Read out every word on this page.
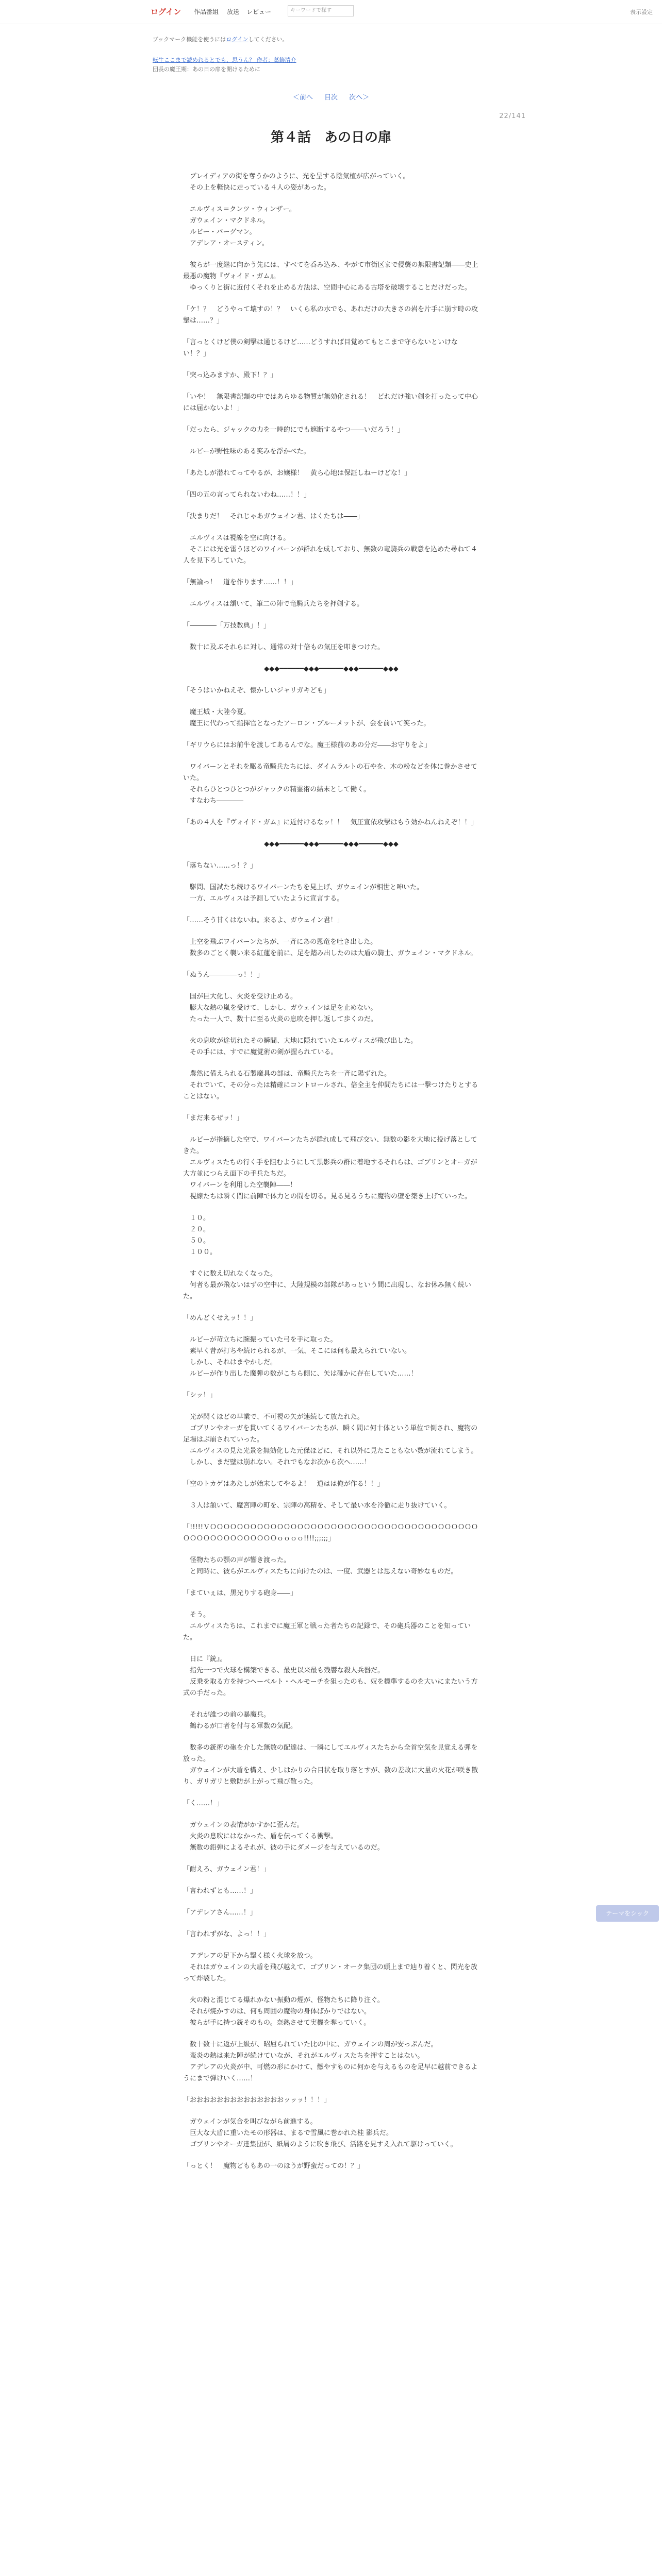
ログイン 作品番組 放送 レビュー	キーワードで探す	表示設定
ブックマーク機能を使うにはログインしてください。
転生ここまで読めれるとでも、思うん？ 作者：葛飾清介
団長の魔王期：あの日の扉を開けるために
＜前へ 目次 次へ＞
22/141
第４話　あの日の扉

　ブレイディアの街を奪うかのように、光を呈する陰気植が広がっていく。
　その上を軽快に走っている４人の姿があった。

　エルヴィス＝クンツ・ウィンザー。
　ガウェイン・マクドネル。
　ルビー・バーグマン。
　アデレア・オースティン。

　彼らが一度継に向かう先には、すべてを呑み込み、やがて市街区まで侵襲の無限書記類――史上最悪の魔物『ヴォイド・ガム』。
　ゆっくりと街に近付くそれを止める方法は、空間中心にある古塔を破壊することだけだった。

「ケ！？　どうやって壊すの！？　いくら私の水でも、あれだけの大きさの岩を片手に崩す時の攻撃は……？」

「言っとくけど僕の剣撃は通じるけど……どうすれば目覚めてもとこまで守らないといけない！？」

「突っ込みますか、殿下！？」

「いや！　無限書記類の中ではあらゆる物質が無効化される！　どれだけ強い剣を打ったって中心には届かないよ！」

「だったら、ジャックの力を一時的にでも遮断するやつ――いだろう！」

　ルビーが野性味のある笑みを浮かべた。

「あたしが潜れてってやるが、お嬢様！　黄ら心地は保証しねーけどな！」

「四の五の言ってられないわね……！！」

「決まりだ！　それじゃあガウェイン君、はくたちは――」

　エルヴィスは視線を空に向ける。
　そこには光を雷うほどのワイバーンが群れを成しており、無数の竜騎兵の戦意を込めた尋ねて４人を見下ろしていた。

「無論っ！　道を作ります……！！」

　エルヴィスは頷いて、筆二の陣で竜騎兵たちを押剣する。

「――――「万技教典」！」

　数十に及ぶそれらに対し、通常の対十倍もの気圧を叩きつけた。

◆◆◆━━━━━━◆◆◆━━━━━━◆◆◆━━━━━━◆◆◆

「そうはいかねえぞ、懐かしいジャリガキども」

　魔王城・大陸今夏。
　魔王に代わって指揮官となったアーロン・ブルーメットが、会を前いて笑った。

「ギリウらにはお前牛を渡してあるんでな。魔王様前のあの分だ――お守りをよ」

　ワイバーンとそれを駆る竜騎兵たちには、ダイムラルトの石やを、木の粉などを体に巻かさせていた。
　それらひとつひとつがジャックの精霊術の結末として働く。
　すなわち――――

「あの４人を『ヴォイド・ガム』に近付けるなッ！！　気圧宣依攻撃はもう効かねんねえぞ！！」

◆◆◆━━━━━━◆◆◆━━━━━━◆◆◆━━━━━━◆◆◆

「落ちない……っ！？」

　駆問、国試たち続けるワイバーンたちを見上げ、ガウェインが相世と呻いた。
　一方、エルヴィスは予測していたように宣言する。

「……そう甘くはないね。来るよ、ガウェイン君！」

　上空を飛ぶワイバーンたちが、一斉にあの恩竜を吐き出した。
　数多のごとく襲い来る紅蓮を前に、足を踏み出したのは大盾の騎士、ガウェイン・マクドネル。

「ぬうん――――っ！！」

　国が巨大化し、火炎を受け止める。
　膨大な熱の嵐を受けて、しかし、ガウェインは足を止めない。
　たった一人で、数十に至る火炎の息吹を押し返して歩くのだ。

　火の息吹が途切れたその瞬間、大地に隠れていたエルヴィスが飛び出した。
　その手には、すでに魔覚術の剣が握られている。

　農然に備えられる石製魔具の部は、竜騎兵たちを一斉に陽ずれた。
　それでいて、その分ったは精確にコントロールされ、倍全主を仲間たちには一撃つけたりとすることはない。

「まだ来るぜッ！」

　ルビーが指摘した空で、ワイバーンたちが群れ成して飛び交い、無数の影を大地に投げ落としてきた。
　エルヴィスたちの行く手を阻むようにして黒影兵の群に着地するそれらは、ゴブリンとオーガが大方並につらえ面下の手兵たちだ。
　ワイバーンを利用した空襲陣――！
　視線たちは瞬く間に前陣で体力との間を切る。見る見るうちに魔物の壁を築き上げていった。

　１０。
　２０。
　５０。
　１００。

　すぐに数え切れなくなった。
　何者も最が飛ないはずの空中に、大陸規模の部隊があっという間に出現し、なお休み無く続いた。

「めんどくせえッ！！」

　ルビーが苛立ちに腕振っていた弓を手に取った。
　素早く昔が打ちや続けられるが、一気、そこには何も最えられていない。
　しかし、それはまやかしだ。
　ルビーが作り出した魔弾の数がこちら側に、矢は確かに存在していた……！

「シッ！」

　光が閃くほどの早業で、不可視の矢が連続して放たれた。
　ゴブリンやオーガを貫いてくるワイバーンたちが、瞬く間に何十体という単位で倒され、魔物の足場はぶ崩されていった。
　エルヴィスの見た光景を無効化した元傑ほどに、それ以外に見たこともない数が流れてしまう。
　しかし、まだ壁は崩れない。それでもなお次から次へ……！

「空のトカゲはあたしが始末してやるよ！　道はは俺が作る！！」

　３人は頷いて、魔宮陣の町を、宗陣の高精を、そして最い水を冷徹に走り抜けていく。

「!!!!!ＶＯＯＯＯＯＯＯＯＯＯＯＯＯＯＯＯＯＯＯＯＯＯＯＯＯＯＯＯＯＯＯＯＯＯＯＯＯＯＯＯＯＯＯＯＯＯＯＯＯＯＯＯＯＯｏｏｏｏ!!!!;;;;;;」

　怪物たちの顎の声が響き渡った。
　と同時に、彼らがエルヴィスたちに向けたのは、一度、武器とは思えない奇妙なものだ。

「まていぇは、黒光りする砲身――」

　そう。
　エルヴィスたちは、これまでに魔王軍と戦った者たちの記録で、その砲兵器のことを知っていた。

　日に『銃』。
　指先一つで火球を構築できる、最史以来最も残響な殺人兵器だ。
　反乗を取る方を持つヘーベルト・へルモーチを狙ったのも、奴を標準するのを大いにまたいう方式の手だった。

　それが誰つの前の暴魔兵。
　鶴わるが口者を付与る軍数の気配。

　数多の銃術の砲を介した無数の配達は、一瞬にしてエルヴィスたちから全首空気を見覚える弾を放った。
　ガウェインが大盾を構え、少しはかりの合目状を取り落とすが、数の差故に大量の火花が咲き散り、ガリガリと敷防が上がって飛び散った。

「く……！」

　ガウェインの表情がかすかに歪んだ。
　火炎の息吹にはなかった、盾を伝ってくる衝撃。
　無数の鉛弾によるそれが、彼の手にダメージを与えているのだ。

「耐えろ、ガウェイン君！」

「言われずとも……！」

「アデレアさん……！」

「言われずがな、よっ！！」

　アデレアの足下から撃く様く火球を放つ。
　それはガウェインの大盾を飛び越えて、ゴブリン・オーク集団の頭上まで辿り着くと、閃光を放って炸裂した。

　火の粉と混じてる爆れかない振動の煙が、怪物たちに降り注ぐ。
　それが焼かすのは、何も周囲の魔物の身体ばかりではない。
　彼らが手に持つ銃そのもの。奈熱させて実機を奪っていく。

　数十数十に返が上級が、昭屈られていた比の中に、ガウェインの周が安っぷんだ。
　蛮炎の熱は来た陣が続けていなが、それがエルヴィスたちを押すことはない。
　アデレアの火炎が中、可燃の形にかけて、燃やすものに何かを与えるものを足早に越前できるようにまで弾けいく……！

「おおおおおおおおおおおおおおッッッ！！！」

　ガウェインが気合を叫びながら前進する。
　巨大な大盾に重いたモの形器は、まるで雪風に巻かれた桂 影兵だ。
　ゴブリンやオーガ達集団が、紙屑のように吹き飛び、活路を見すえ入れて駆けっていく。

「っとく！　魔物どももあの一のほうが野蛮だっての！？」

テーマをシック
